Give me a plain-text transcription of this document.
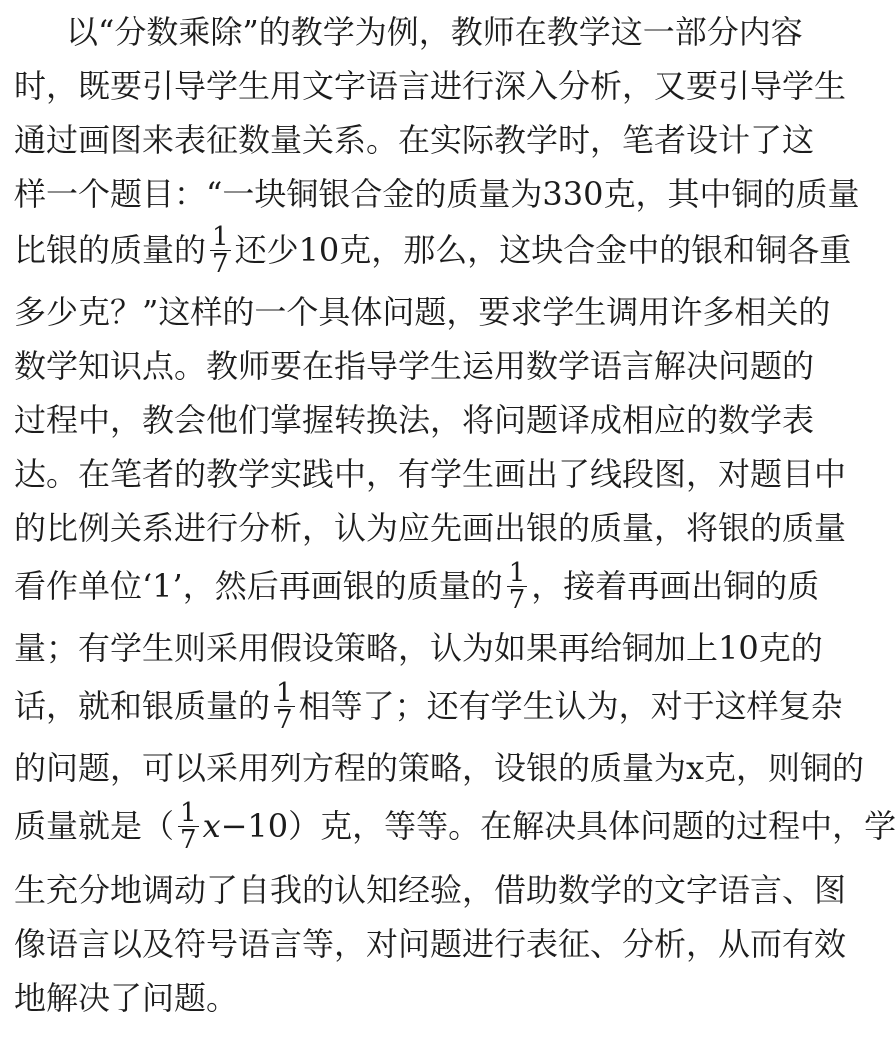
以“分数乘除”的教学为例，教师在教学这一部分内容
时，既要引导学生用文字语言进行深入分析，又要引导学生
通过画图来表征数量关系。在实际教学时，笔者设计了这
样一个题目：“一块铜银合金的质量为330克，其中铜的质量
比银的质量的 $\frac{1}{7}$ 还少10克，那么，这块合金中的银和铜各重
多少克？”这样的一个具体问题，要求学生调用许多相关的
数学知识点。教师要在指导学生运用数学语言解决问题的
过程中，教会他们掌握转换法，将问题译成相应的数学表
达。在笔者的教学实践中，有学生画出了线段图，对题目中
的比例关系进行分析，认为应先画出银的质量，将银的质量
看作单位‘1’，然后再画银的质量的 $\frac{1}{7}$ ，接着再画出铜的质
量；有学生则采用假设策略，认为如果再给铜加上10克的
话，就和银质量的 $\frac{1}{7}$ 相等了；还有学生认为，对于这样复杂
的问题，可以采用列方程的策略，设银的质量为x克，则铜的
质量就是（ $\frac{1}{7} x-10$）克，等等。在解决具体问题的过程中，学
生充分地调动了自我的认知经验，借助数学的文字语言、图
像语言以及符号语言等，对问题进行表征、分析，从而有效
地解决了问题。
